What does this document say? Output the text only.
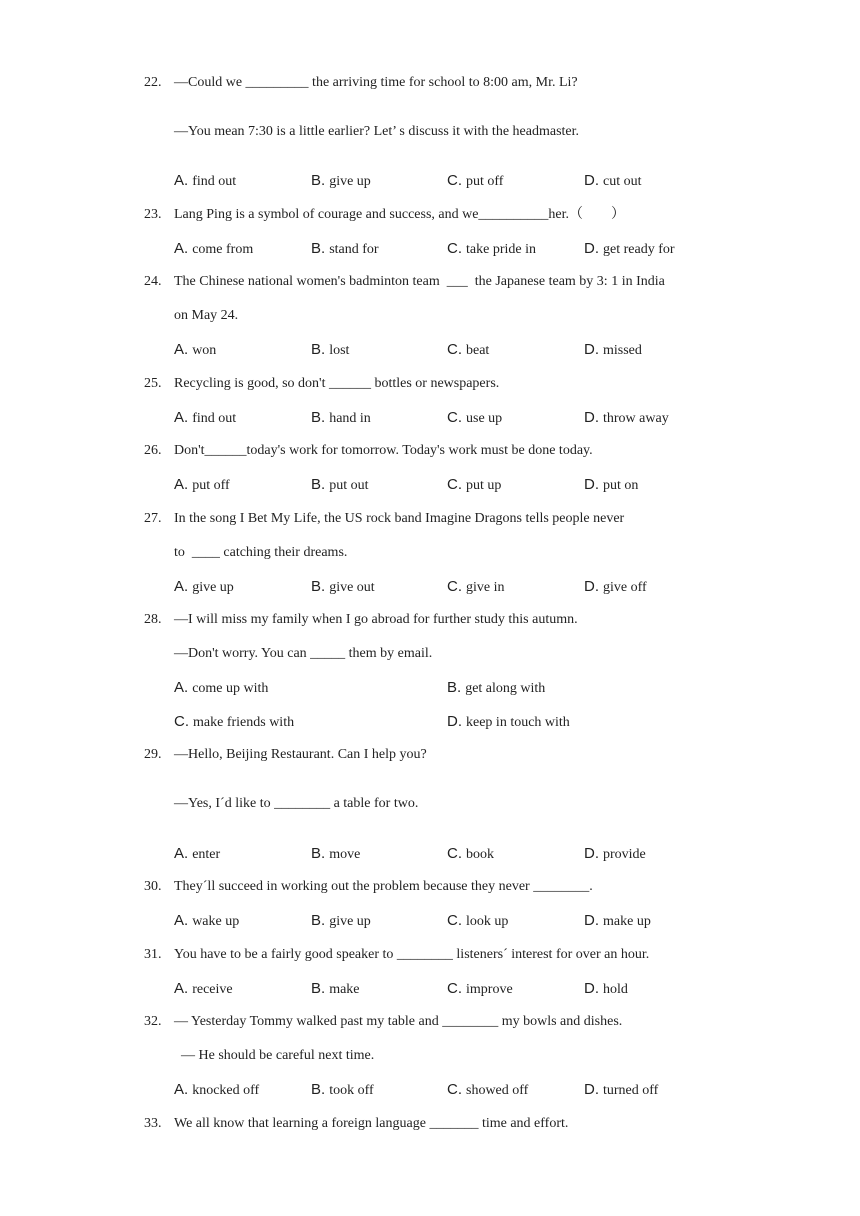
22. —Could we _________ the arriving time for school to 8:00 am, Mr. Li?
—You mean 7:30 is a little earlier? Let’ s discuss it with the headmaster.
A. find out	B. give up	C. put off	D. cut out
23. Lang Ping is a symbol of courage and success, and we__________her.（        ）
A. come from	B. stand for	C. take pride in	D. get ready for
24. The Chinese national women's badminton team  ___  the Japanese team by 3: 1 in India
on May 24.
A. won	B. lost	C. beat	D. missed
25. Recycling is good, so don't ______ bottles or newspapers.
A. find out	B. hand in	C. use up	D. throw away
26. Don't______today's work for tomorrow. Today's work must be done today.
A. put off	B. put out	C. put up	D. put on
27. In the song I Bet My Life, the US rock band Imagine Dragons tells people never
to  ____ catching their dreams.
A. give up	B. give out	C. give in	D. give off
28. —I will miss my family when I go abroad for further study this autumn.
—Don't worry. You can _____ them by email.
A. come up with	B. get along with
C. make friends with	D. keep in touch with
29. —Hello, Beijing Restaurant. Can I help you?
—Yes, I´d like to ________ a table for two.
A. enter	B. move	C. book	D. provide
30. They´ll succeed in working out the problem because they never ________.
A. wake up	B. give up	C. look up	D. make up
31. You have to be a fairly good speaker to ________ listeners´ interest for over an hour.
A. receive	B. make	C. improve	D. hold
32. — Yesterday Tommy walked past my table and ________ my bowls and dishes.
— He should be careful next time.
A. knocked off	B. took off	C. showed off	D. turned off
33. We all know that learning a foreign language _______ time and effort.
